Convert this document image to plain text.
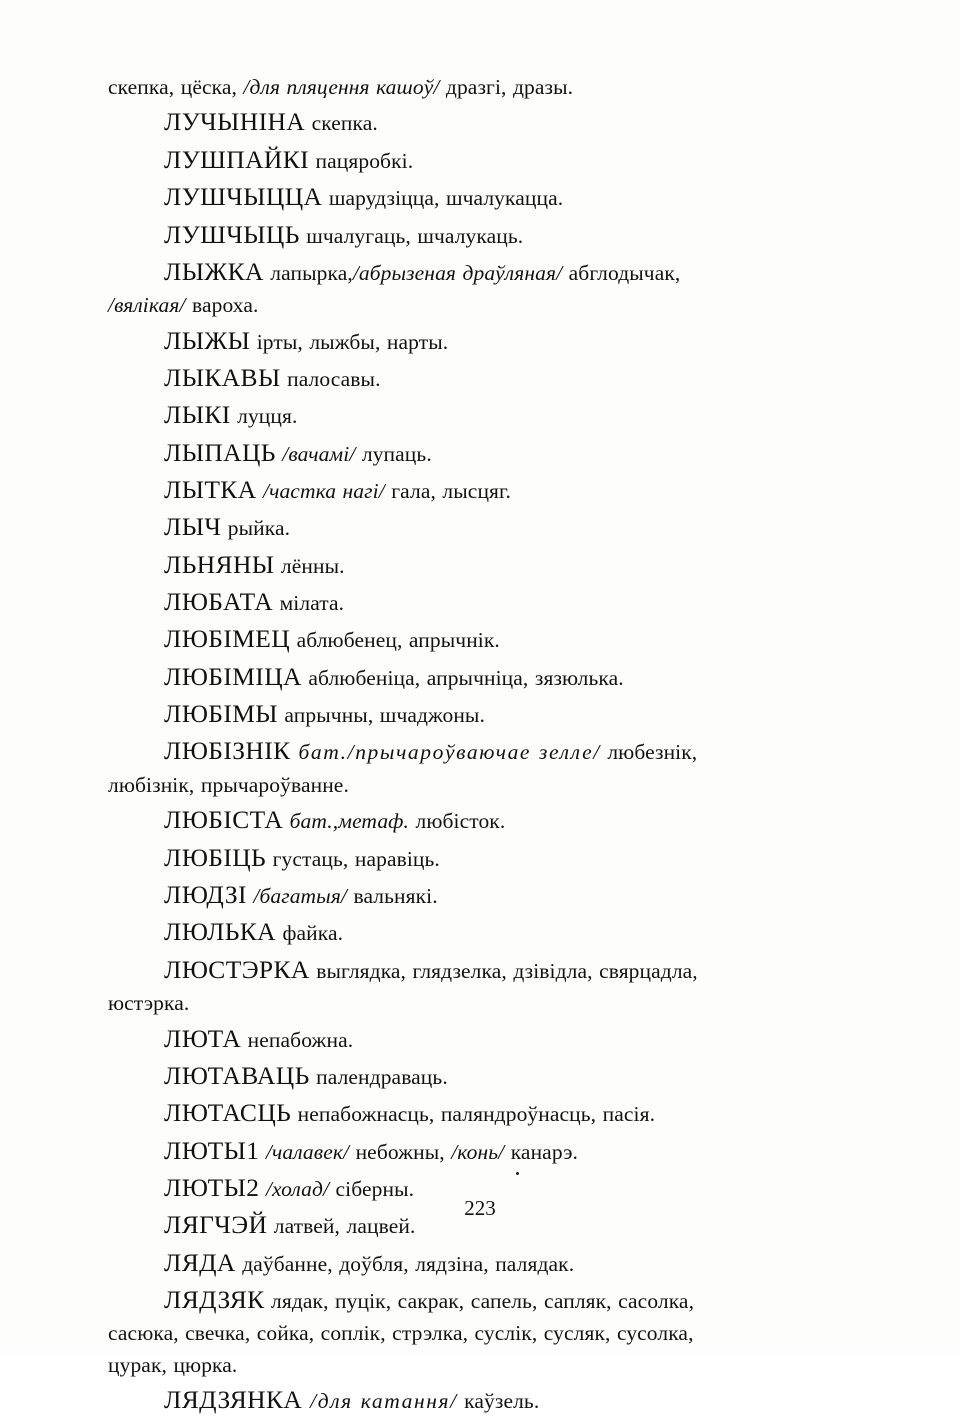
скепка, цёска, /для пляцення кашоў/ дразгі, дразы.
ЛУЧЫНIНА скепка.
ЛУШПАЙКI пацяробкі.
ЛУШЧЫЦЦА шарудзіцца, шчалукацца.
ЛУШЧЫЦЬ шчалугаць, шчалукаць.
ЛЫЖКА лапырка,/абрызеная драўляная/ абглодычак,
/вялікая/ вароха.
ЛЫЖЫ ірты, лыжбы, нарты.
ЛЫКАВЫ палосавы.
ЛЫКI луцця.
ЛЫПАЦЬ /вачамі/ лупаць.
ЛЫТКА /частка нагі/ гала, лысцяг.
ЛЫЧ рыйка.
ЛЬНЯНЫ лённы.
ЛЮБАТА мілата.
ЛЮБIМЕЦ аблюбенец, апрычнік.
ЛЮБIМIЦА аблюбеніца, апрычніца, зязюлька.
ЛЮБIМЫ апрычны, шчаджоны.
ЛЮБIЗНIК бат./прычароўваючае зелле/ любезнік,
любізнік, прычароўванне.
ЛЮБIСТА бат.,метаф. любісток.
ЛЮБIЦЬ густаць, наравіць.
ЛЮДЗI /багатыя/ вальнякі.
ЛЮЛЬКА файка.
ЛЮСТЭРКА выглядка, глядзелка, дзівідла, свярцадла,
юстэрка.
ЛЮТА непабожна.
ЛЮТАВАЦЬ палендраваць.
ЛЮТАСЦЬ непабожнасць, паляндроўнасць, пасія.
ЛЮТЫ1 /чалавек/ небожны, /конь/ канарэ.
ЛЮТЫ2 /холад/ сіберны.
ЛЯГЧЭЙ латвей, лацвей.
ЛЯДА даўбанне, доўбля, лядзіна, палядак.
ЛЯДЗЯК лядак, пуцік, сакрак, сапель, сапляк, сасолка,
сасюка, свечка, сойка, соплік, стрэлка, суслік, сусляк, сусолка,
цурак, цюрка.
ЛЯДЗЯНКА /для катання/ каўзель.
223
